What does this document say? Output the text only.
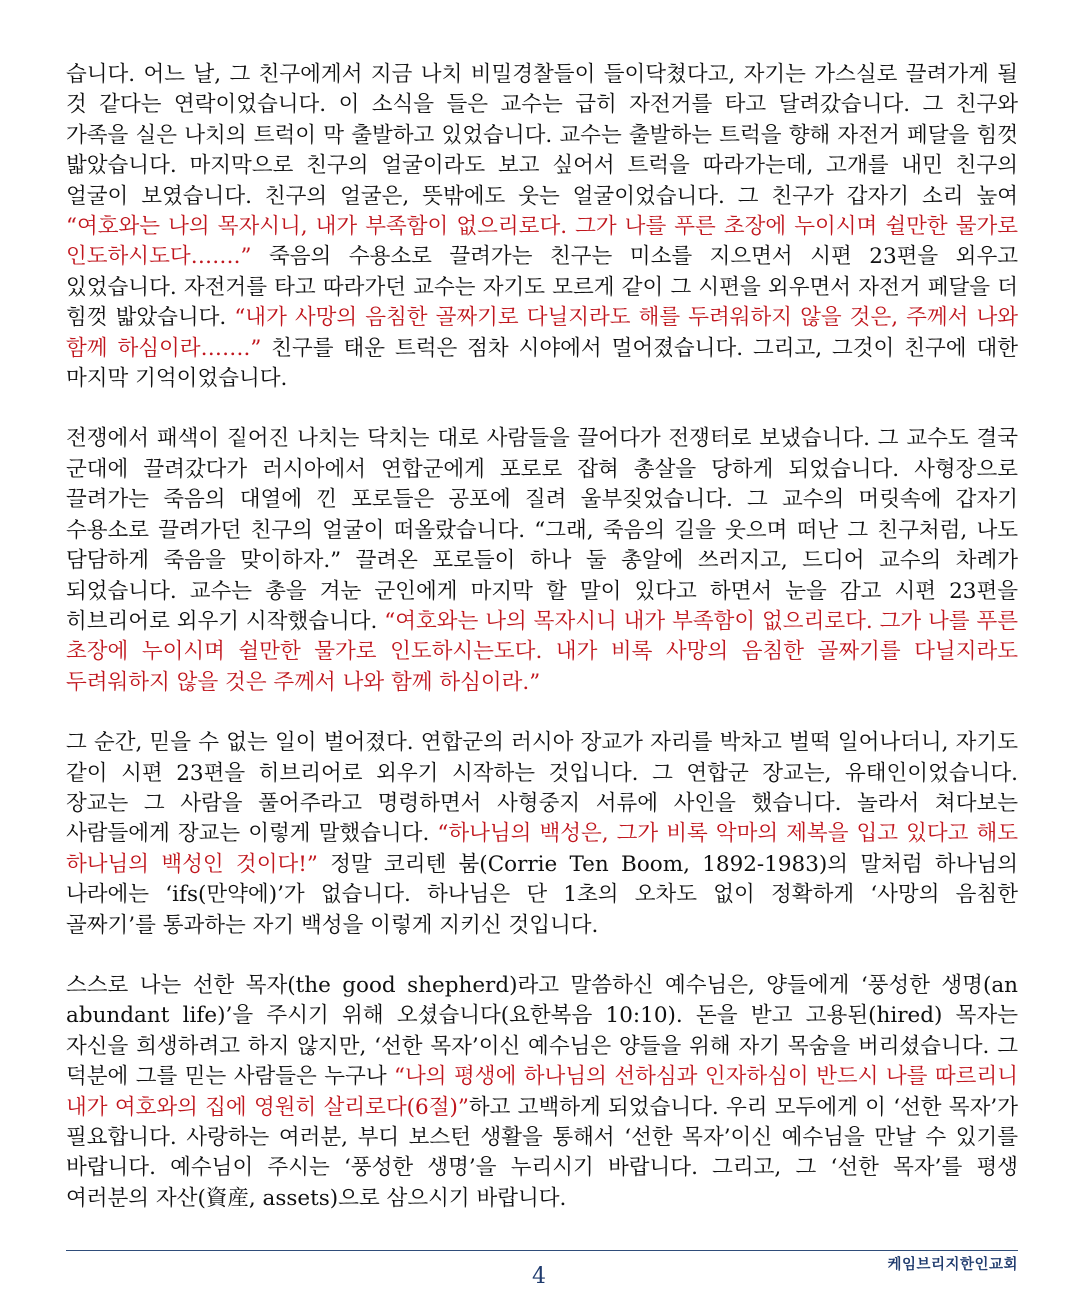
습니다. 어느 날, 그 친구에게서 지금 나치 비밀경찰들이 들이닥쳤다고, 자기는 가스실로 끌려가게 될 것 같다는 연락이었습니다. 이 소식을 들은 교수는 급히 자전거를 타고 달려갔습니다. 그 친구와 가족을 실은 나치의 트럭이 막 출발하고 있었습니다. 교수는 출발하는 트럭을 향해 자전거 페달을 힘껏 밟았습니다. 마지막으로 친구의 얼굴이라도 보고 싶어서 트럭을 따라가는데, 고개를 내민 친구의 얼굴이 보였습니다. 친구의 얼굴은, 뜻밖에도 웃는 얼굴이었습니다. 그 친구가 갑자기 소리 높여 “여호와는 나의 목자시니, 내가 부족함이 없으리로다. 그가 나를 푸른 초장에 누이시며 쉴만한 물가로 인도하시도다…….” 죽음의 수용소로 끌려가는 친구는 미소를 지으면서 시편 23편을 외우고 있었습니다. 자전거를 타고 따라가던 교수는 자기도 모르게 같이 그 시편을 외우면서 자전거 페달을 더 힘껏 밟았습니다. “내가 사망의 음침한 골짜기로 다닐지라도 해를 두려워하지 않을 것은, 주께서 나와 함께 하심이라…….” 친구를 태운 트럭은 점차 시야에서 멀어졌습니다. 그리고, 그것이 친구에 대한 마지막 기억이었습니다.

전쟁에서 패색이 짙어진 나치는 닥치는 대로 사람들을 끌어다가 전쟁터로 보냈습니다. 그 교수도 결국 군대에 끌려갔다가 러시아에서 연합군에게 포로로 잡혀 총살을 당하게 되었습니다. 사형장으로 끌려가는 죽음의 대열에 낀 포로들은 공포에 질려 울부짖었습니다. 그 교수의 머릿속에 갑자기 수용소로 끌려가던 친구의 얼굴이 떠올랐습니다. “그래, 죽음의 길을 웃으며 떠난 그 친구처럼, 나도 담담하게 죽음을 맞이하자.” 끌려온 포로들이 하나 둘 총알에 쓰러지고, 드디어 교수의 차례가 되었습니다. 교수는 총을 겨눈 군인에게 마지막 할 말이 있다고 하면서 눈을 감고 시편 23편을 히브리어로 외우기 시작했습니다. “여호와는 나의 목자시니 내가 부족함이 없으리로다. 그가 나를 푸른 초장에 누이시며 쉴만한 물가로 인도하시는도다. 내가 비록 사망의 음침한 골짜기를 다닐지라도 두려워하지 않을 것은 주께서 나와 함께 하심이라.”

그 순간, 믿을 수 없는 일이 벌어졌다. 연합군의 러시아 장교가 자리를 박차고 벌떡 일어나더니, 자기도 같이 시편 23편을 히브리어로 외우기 시작하는 것입니다. 그 연합군 장교는, 유태인이었습니다. 장교는 그 사람을 풀어주라고 명령하면서 사형중지 서류에 사인을 했습니다. 놀라서 쳐다보는 사람들에게 장교는 이렇게 말했습니다. “하나님의 백성은, 그가 비록 악마의 제복을 입고 있다고 해도 하나님의 백성인 것이다!” 정말 코리텐 붐(Corrie Ten Boom, 1892-1983)의 말처럼 하나님의 나라에는 ‘ifs(만약에)’가 없습니다. 하나님은 단 1초의 오차도 없이 정확하게 ‘사망의 음침한 골짜기’를 통과하는 자기 백성을 이렇게 지키신 것입니다.

스스로 나는 선한 목자(the good shepherd)라고 말씀하신 예수님은, 양들에게 ‘풍성한 생명(an abundant life)’을 주시기 위해 오셨습니다(요한복음 10:10). 돈을 받고 고용된(hired) 목자는 자신을 희생하려고 하지 않지만, ‘선한 목자’이신 예수님은 양들을 위해 자기 목숨을 버리셨습니다. 그 덕분에 그를 믿는 사람들은 누구나 “나의 평생에 하나님의 선하심과 인자하심이 반드시 나를 따르리니 내가 여호와의 집에 영원히 살리로다(6절)”하고 고백하게 되었습니다. 우리 모두에게 이 ‘선한 목자’가 필요합니다. 사랑하는 여러분, 부디 보스턴 생활을 통해서 ‘선한 목자’이신 예수님을 만날 수 있기를 바랍니다. 예수님이 주시는 ‘풍성한 생명’을 누리시기 바랍니다. 그리고, 그 ‘선한 목자’를 평생 여러분의 자산(資産, assets)으로 삼으시기 바랍니다.

케임브리지한인교회
4
